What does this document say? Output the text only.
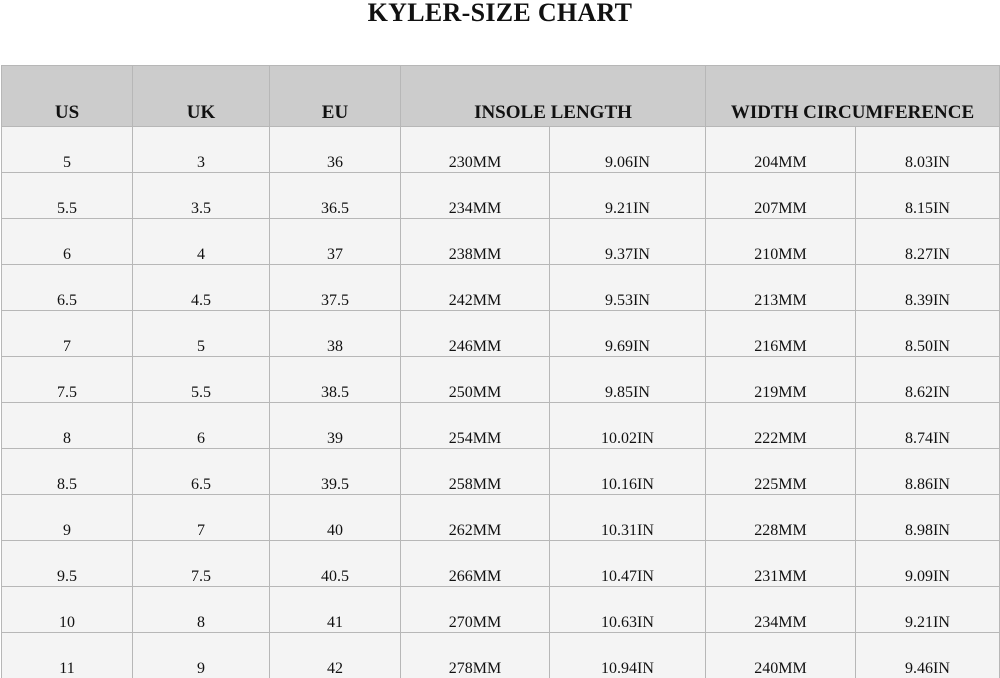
KYLER-SIZE CHART
US	UK	EU	INSOLE LENGTH		WIDTH CIRCUMFERENCE	
5	3	36	230MM	9.06IN	204MM	8.03IN
5.5	3.5	36.5	234MM	9.21IN	207MM	8.15IN
6	4	37	238MM	9.37IN	210MM	8.27IN
6.5	4.5	37.5	242MM	9.53IN	213MM	8.39IN
7	5	38	246MM	9.69IN	216MM	8.50IN
7.5	5.5	38.5	250MM	9.85IN	219MM	8.62IN
8	6	39	254MM	10.02IN	222MM	8.74IN
8.5	6.5	39.5	258MM	10.16IN	225MM	8.86IN
9	7	40	262MM	10.31IN	228MM	8.98IN
9.5	7.5	40.5	266MM	10.47IN	231MM	9.09IN
10	8	41	270MM	10.63IN	234MM	9.21IN
11	9	42	278MM	10.94IN	240MM	9.46IN
